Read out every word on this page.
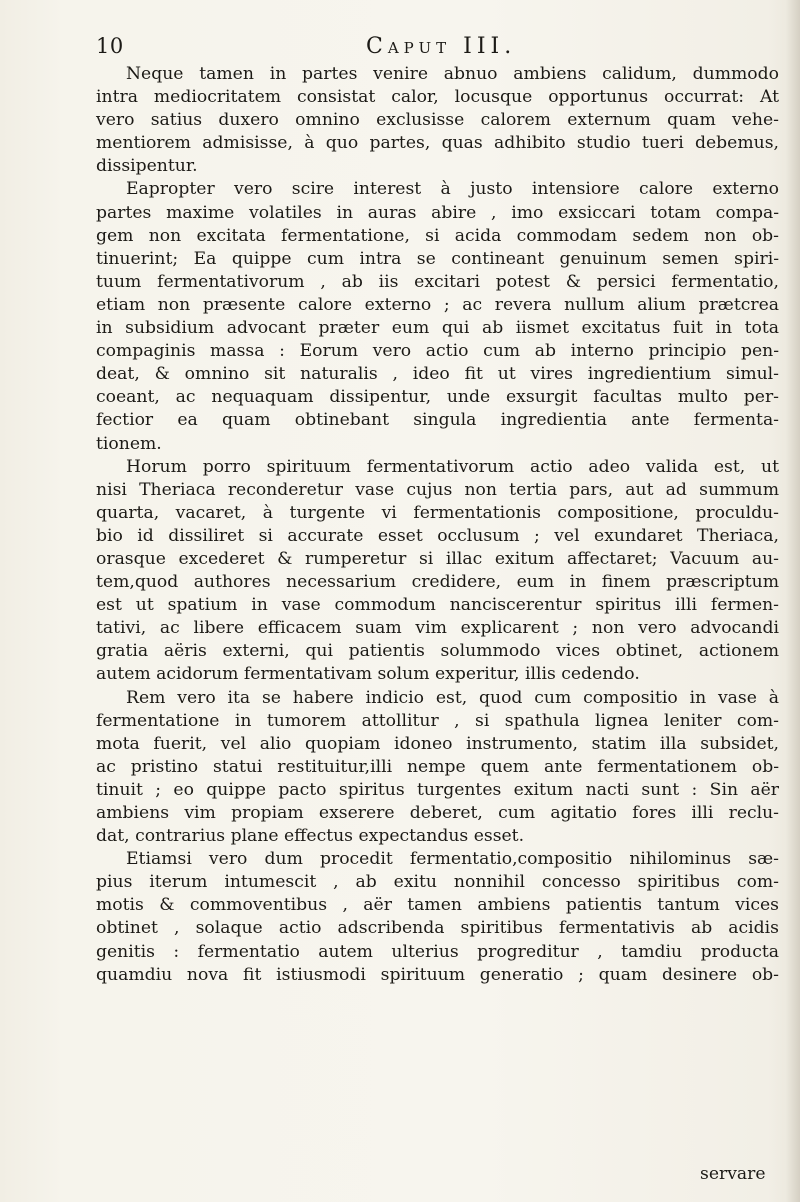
10	Caput III.
Neque tamen in partes venire abnuo ambiens calidum, dummodo
intra mediocritatem consistat calor, locusque opportunus occurrat: At
vero satius duxero omnino exclusisse calorem externum quam vehe-
mentiorem admisisse, à quo partes, quas adhibito studio tueri debemus,
dissipentur.
Eapropter vero scire interest à justo intensiore calore externo
partes maxime volatiles in auras abire , imo exsiccari totam compa-
gem non excitata fermentatione, si acida commodam sedem non ob-
tinuerint; Ea quippe cum intra se contineant genuinum semen spiri-
tuum fermentativorum , ab iis excitari potest & persici fermentatio,
etiam non præsente calore externo ; ac revera nullum alium prætcrea
in subsidium advocant præter eum qui ab iismet excitatus fuit in tota
compaginis massa : Eorum vero actio cum ab interno principio pen-
deat, & omnino sit naturalis , ideo fit ut vires ingredientium simul-
coeant, ac nequaquam dissipentur, unde exsurgit facultas multo per-
fectior ea quam obtinebant singula ingredientia ante fermenta-
tionem.
Horum porro spirituum fermentativorum actio adeo valida est, ut
nisi Theriaca reconderetur vase cujus non tertia pars, aut ad summum
quarta, vacaret, à turgente vi fermentationis compositione, proculdu-
bio id dissiliret si accurate esset occlusum ; vel exundaret Theriaca,
orasque excederet & rumperetur si illac exitum affectaret; Vacuum au-
tem,quod authores necessarium credidere, eum in finem præscriptum
est ut spatium in vase commodum nanciscerentur spiritus illi fermen-
tativi, ac libere efficacem suam vim explicarent ; non vero advocandi
gratia aëris externi, qui patientis solummodo vices obtinet, actionem
autem acidorum fermentativam solum experitur, illis cedendo.
Rem vero ita se habere indicio est, quod cum compositio in vase à
fermentatione in tumorem attollitur , si spathula lignea leniter com-
mota fuerit, vel alio quopiam idoneo instrumento, statim illa subsidet,
ac pristino statui restituitur,illi nempe quem ante fermentationem ob-
tinuit ; eo quippe pacto spiritus turgentes exitum nacti sunt : Sin aër
ambiens vim propiam exserere deberet, cum agitatio fores illi reclu-
dat, contrarius plane effectus expectandus esset.
Etiamsi vero dum procedit fermentatio,compositio nihilominus sæ-
pius iterum intumescit , ab exitu nonnihil concesso spiritibus com-
motis & commoventibus , aër tamen ambiens patientis tantum vices
obtinet , solaque actio adscribenda spiritibus fermentativis ab acidis
genitis : fermentatio autem ulterius progreditur , tamdiu producta
quamdiu nova fit istiusmodi spirituum generatio ; quam desinere ob-
servare
